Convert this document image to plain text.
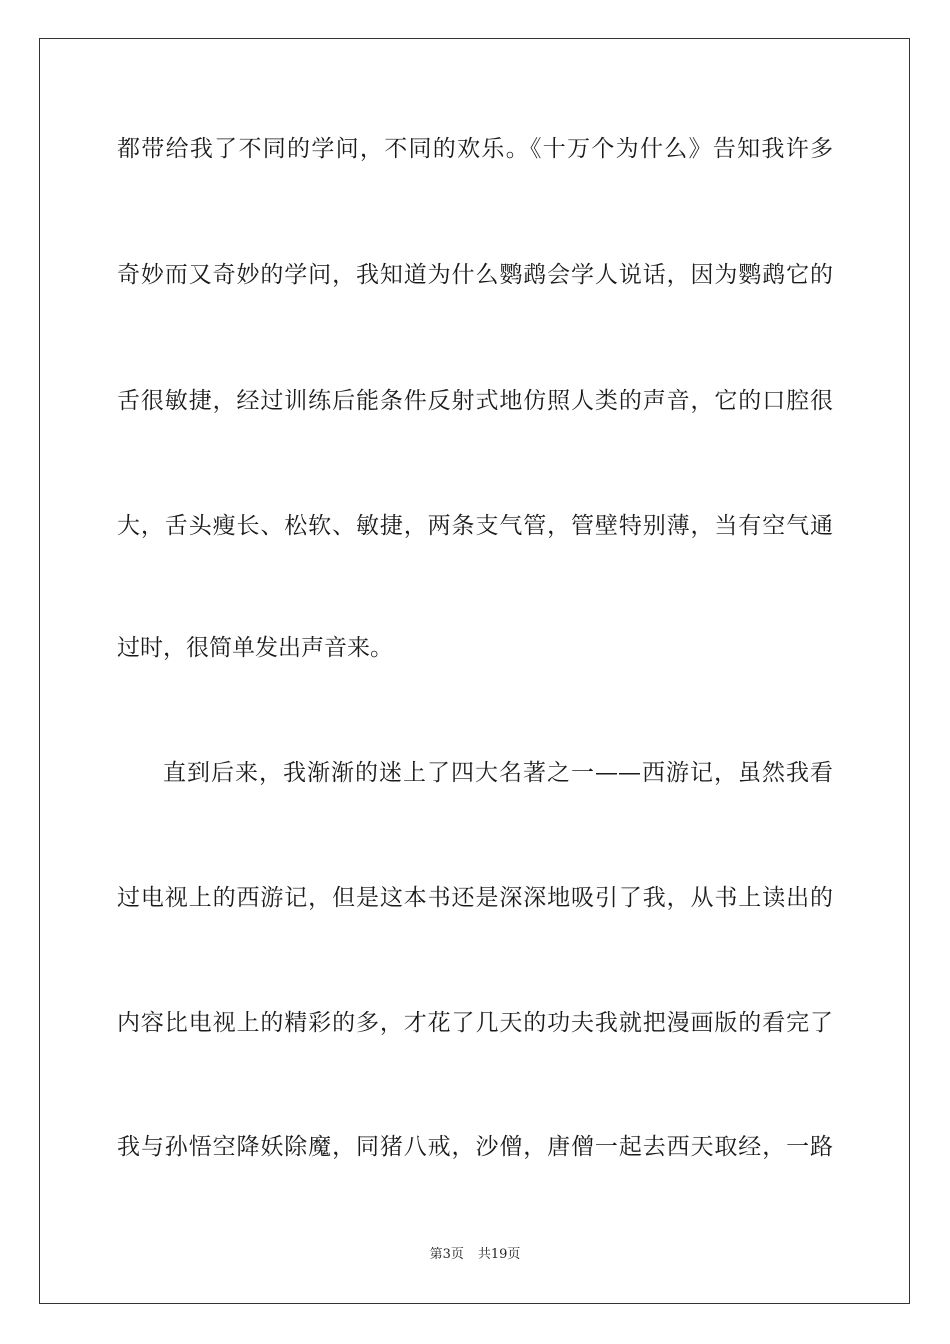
都带给我了不同的学问，不同的欢乐。《十万个为什么》告知我许多
奇妙而又奇妙的学问，我知道为什么鹦鹉会学人说话，因为鹦鹉它的
舌很敏捷，经过训练后能条件反射式地仿照人类的声音，它的口腔很
大，舌头瘦长、松软、敏捷，两条支气管，管壁特别薄，当有空气通
过时，很简单发出声音来。
直到后来，我渐渐的迷上了四大名著之一——西游记，虽然我看
过电视上的西游记，但是这本书还是深深地吸引了我，从书上读出的
内容比电视上的精彩的多，才花了几天的功夫我就把漫画版的看完了
我与孙悟空降妖除魔，同猪八戒，沙僧，唐僧一起去西天取经，一路
第3页 共19页
